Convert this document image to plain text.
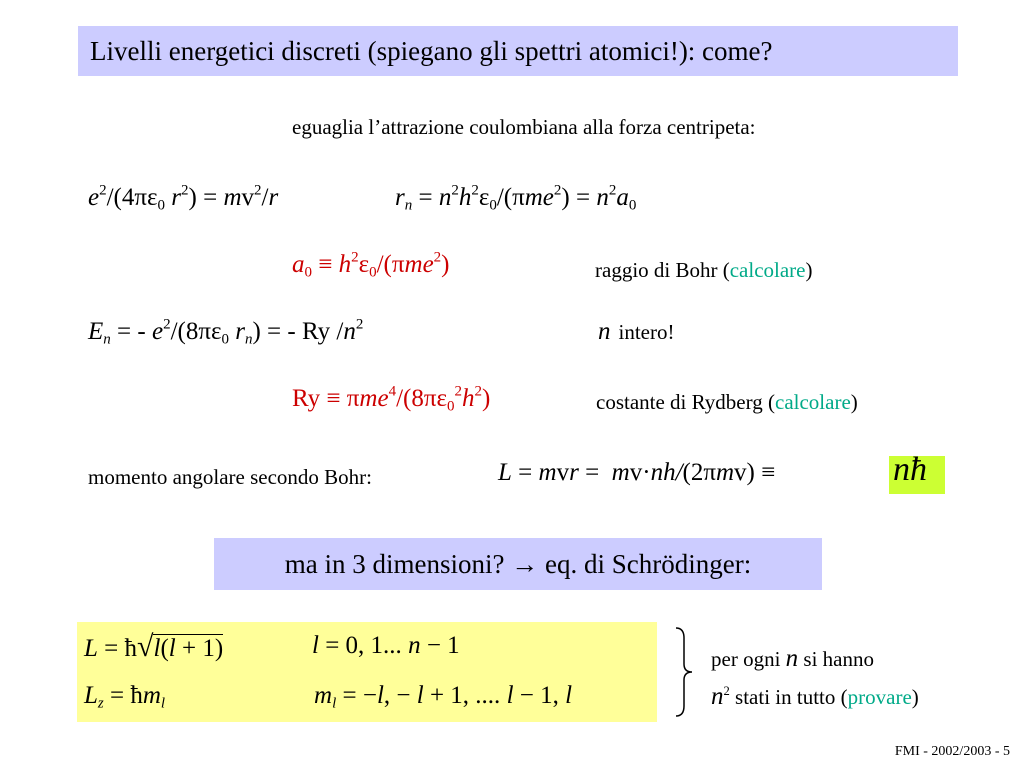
Livelli energetici discreti (spiegano gli spettri atomici!): come?
eguaglia l’attrazione coulombiana alla forza centripeta:
$e^2/(4\pi\varepsilon_0$ $r^2) = mv^2/r$	$r_n = n^2h^2\varepsilon_0/(\pi me^2) = n^2a_0$
$a_0 \equiv h^2\varepsilon_0/(\pi me^2)$	raggio di Bohr (calcolare)
$E_n$ = - $e^2/(8\pi\varepsilon_0$ $r_n$) = - Ry $/n^2$	n intero!
$Ry \equiv \pi me^4/(8\pi\varepsilon_0^2h^2)$	costante di Rydberg (calcolare)
momento angolare secondo Bohr:	L = mvr =  mv·nh/(2πmv) ≡	nħ
ma in 3 dimensioni? → eq. di Schrödinger:
L = ħ√l(l + 1)	l = 0, 1... n − 1
$L_z$ = $ħm_l$	$m_l = -l$, − l + 1, .... l − 1, l
per ogni n si hanno
$n^2$ stati in tutto (provare)
FMI - 2002/2003 - 5
